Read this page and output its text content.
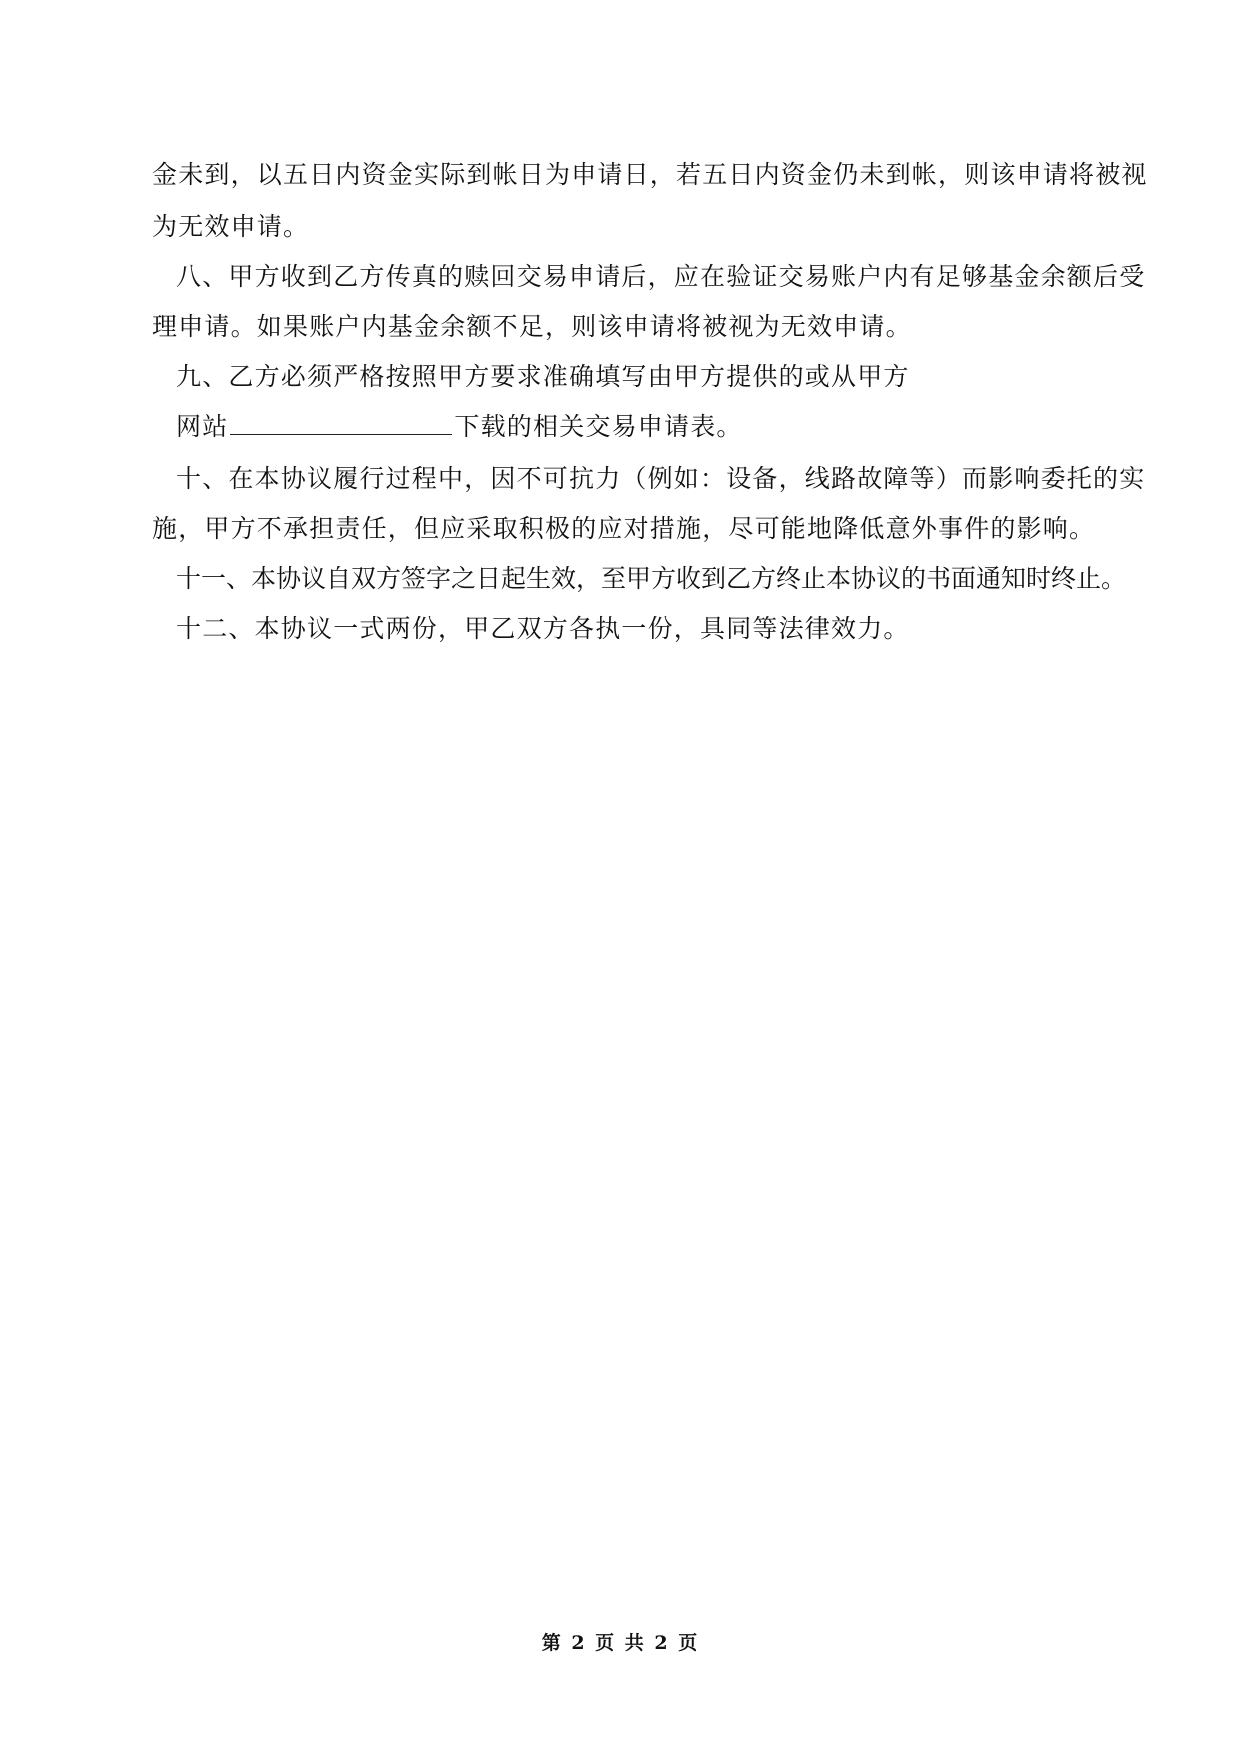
金未到，以五日内资金实际到帐日为申请日，若五日内资金仍未到帐，则该申请将被视
为无效申请。
八、甲方收到乙方传真的赎回交易申请后，应在验证交易账户内有足够基金余额后受
理申请。如果账户内基金余额不足，则该申请将被视为无效申请。
九、乙方必须严格按照甲方要求准确填写由甲方提供的或从甲方
网站	下载的相关交易申请表。
十、在本协议履行过程中，因不可抗力（例如：设备，线路故障等）而影响委托的实
施，甲方不承担责任，但应采取积极的应对措施，尽可能地降低意外事件的影响。
十一、本协议自双方签字之日起生效，至甲方收到乙方终止本协议的书面通知时终止。
十二、本协议一式两份，甲乙双方各执一份，具同等法律效力。
第 2 页 共 2 页
